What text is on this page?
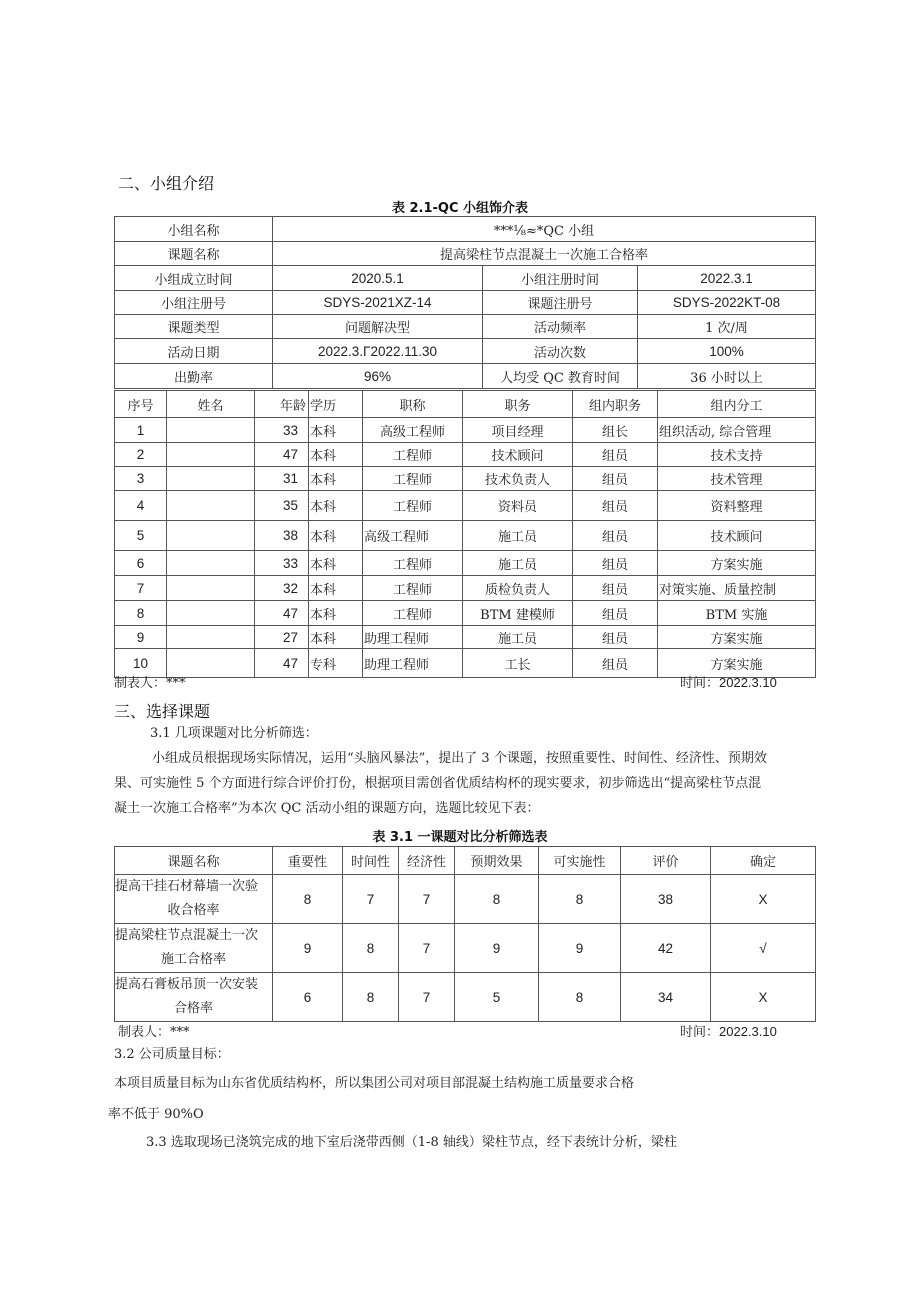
二、小组介绍
表 2.1-QC 小组饰介表
小组名称	***⅛≈*QC 小组		
课题名称	提高梁柱节点混凝土一次施工合格率		
小组成立时间	2020.5.1	小组注册时间	2022.3.1
小组注册号	SDYS-2021XZ-14	课题注册号	SDYS-2022KT-08
课题类型	问题解决型	活动频率	1 次/周
活动日期	2022.3.Γ2022.11.30	活动次数	100%
出勤率	96%	人均受 QC 教育时间	36 小时以上
序号	姓名	年龄	学历	职称	职务	组内职务	组内分工
1		33	本科	高级工程师	项目经理	组长	组织活动, 综合管理
2		47	本科	工程师	技术顾问	组员	技术支持
3		31	本科	工程师	技术负责人	组员	技术管理
4		35	本科	工程师	资料员	组员	资料整理
5		38	本科	高级工程师	施工员	组员	技术顾问
6		33	本科	工程师	施工员	组员	方案实施
7		32	本科	工程师	质检负责人	组员	对策实施、质量控制
8		47	本科	工程师	BTM 建模师	组员	BTM 实施
9		27	本科	助理工程师	施工员	组员	方案实施
10		47	专科	助理工程师	工长	组员	方案实施
制表人：***	时间：2022.3.10
三、选择课题
3.1 几项课题对比分析筛选：
小组成员根据现场实际情况，运用“头脑风暴法”，提出了 3 个课题，按照重要性、时间性、经济性、预期效
果、可实施性 5 个方面进行综合评价打份，根据项目需创省优质结构杯的现实要求，初步筛选出“提高梁柱节点混
凝土一次施工合格率”为本次 QC 活动小组的课题方向，选题比较见下表：
表 3.1 一课题对比分析筛选表
课题名称	重要性	时间性	经济性	预期效果	可实施性	评价	确定

提高干挂石材幕墙一次验
收合格率	8	7	7	8	8	38	X

提高梁柱节点混凝土一次
施工合格率	9	8	7	9	9	42	√

提高石膏板吊顶一次安装
合格率	6	8	7	5	8	34	X
制表人：***	时间：2022.3.10
3.2 公司质量目标：
本项目质量目标为山东省优质结构杯，所以集团公司对项目部混凝土结构施工质量要求合格
率不低于 90%O
3.3 选取现场已浇筑完成的地下室后浇带西侧（1-8 轴线）梁柱节点，经下表统计分析，梁柱
